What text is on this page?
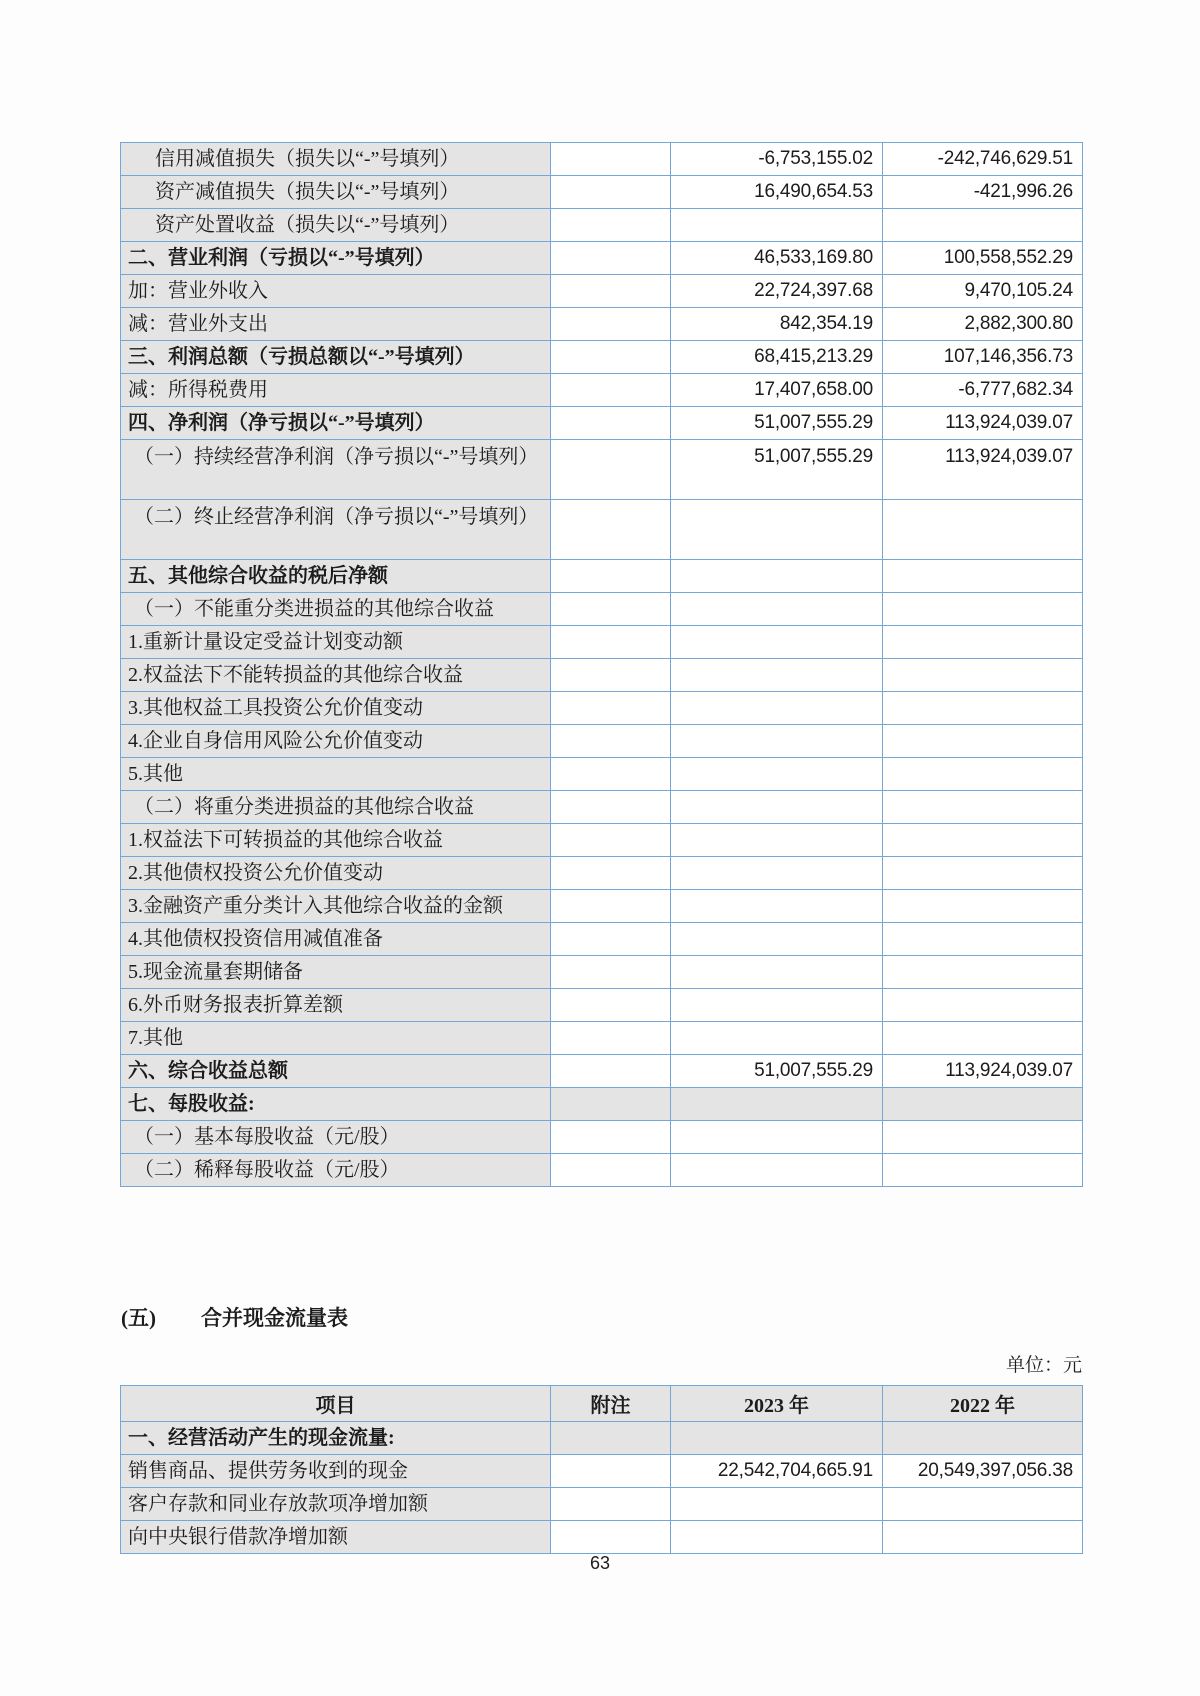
信用减值损失（损失以“-”号填列）		-6,753,155.02	-242,746,629.51
资产减值损失（损失以“-”号填列）		16,490,654.53	-421,996.26
资产处置收益（损失以“-”号填列）			
二、营业利润（亏损以“-”号填列）		46,533,169.80	100,558,552.29
加：营业外收入		22,724,397.68	9,470,105.24
减：营业外支出		842,354.19	2,882,300.80
三、利润总额（亏损总额以“-”号填列）		68,415,213.29	107,146,356.73
减：所得税费用		17,407,658.00	-6,777,682.34
四、净利润（净亏损以“-”号填列）		51,007,555.29	113,924,039.07
（一）持续经营净利润（净亏损以“-”号填列）		51,007,555.29	113,924,039.07
（二）终止经营净利润（净亏损以“-”号填列）			
五、其他综合收益的税后净额			
（一）不能重分类进损益的其他综合收益			
1.重新计量设定受益计划变动额			
2.权益法下不能转损益的其他综合收益			
3.其他权益工具投资公允价值变动			
4.企业自身信用风险公允价值变动			
5.其他			
（二）将重分类进损益的其他综合收益			
1.权益法下可转损益的其他综合收益			
2.其他债权投资公允价值变动			
3.金融资产重分类计入其他综合收益的金额			
4.其他债权投资信用减值准备			
5.现金流量套期储备			
6.外币财务报表折算差额			
7.其他			
六、综合收益总额		51,007,555.29	113,924,039.07
七、每股收益:			
（一）基本每股收益（元/股）			
（二）稀释每股收益（元/股）			
(五) 合并现金流量表
单位：元
项目	附注	2023 年	2022 年
一、经营活动产生的现金流量:			
销售商品、提供劳务收到的现金		22,542,704,665.91	20,549,397,056.38
客户存款和同业存放款项净增加额			
向中央银行借款净增加额			
63
